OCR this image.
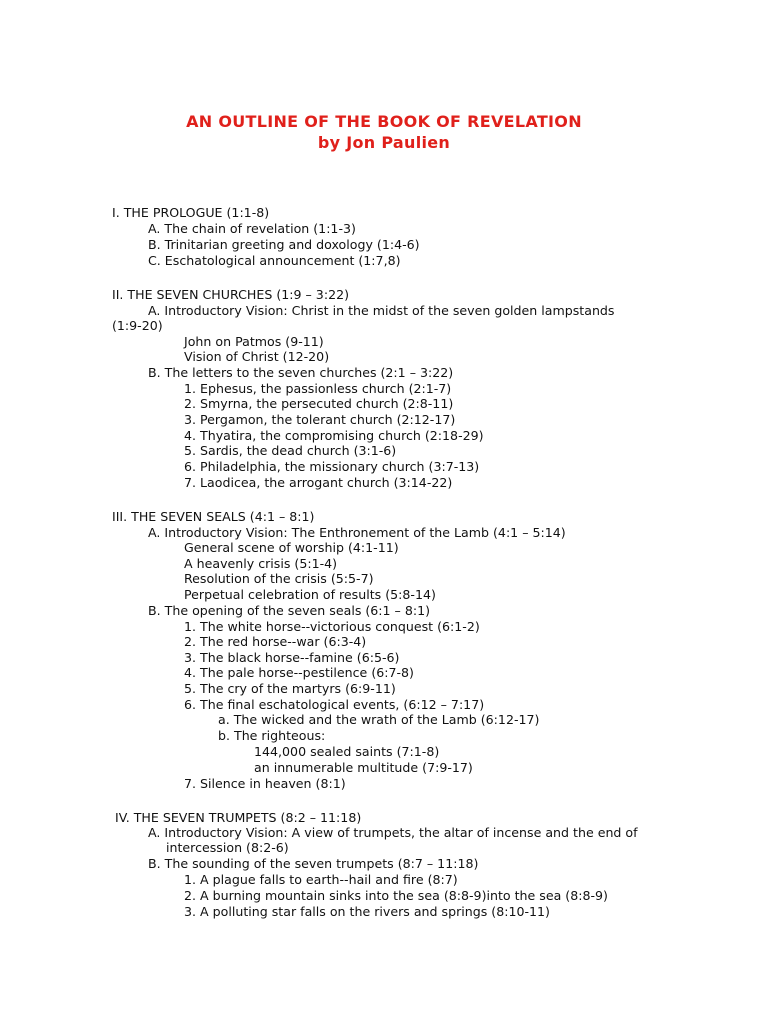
AN OUTLINE OF THE BOOK OF REVELATION
by Jon Paulien
I. THE PROLOGUE (1:1-8)
A. The chain of revelation (1:1-3)
B. Trinitarian greeting and doxology (1:4-6)
C. Eschatological announcement (1:7,8)
II. THE SEVEN CHURCHES (1:9 – 3:22)
A. Introductory Vision: Christ in the midst of the seven golden lampstands
(1:9-20)
John on Patmos (9-11)
Vision of Christ (12-20)
B. The letters to the seven churches (2:1 – 3:22)
1. Ephesus, the passionless church (2:1-7)
2. Smyrna, the persecuted church (2:8-11)
3. Pergamon, the tolerant church (2:12-17)
4. Thyatira, the compromising church (2:18-29)
5. Sardis, the dead church (3:1-6)
6. Philadelphia, the missionary church (3:7-13)
7. Laodicea, the arrogant church (3:14-22)
III. THE SEVEN SEALS (4:1 – 8:1)
A. Introductory Vision: The Enthronement of the Lamb (4:1 – 5:14)
General scene of worship (4:1-11)
A heavenly crisis (5:1-4)
Resolution of the crisis (5:5-7)
Perpetual celebration of results (5:8-14)
B. The opening of the seven seals (6:1 – 8:1)
1. The white horse--victorious conquest (6:1-2)
2. The red horse--war (6:3-4)
3. The black horse--famine (6:5-6)
4. The pale horse--pestilence (6:7-8)
5. The cry of the martyrs (6:9-11)
6. The final eschatological events, (6:12 – 7:17)
a. The wicked and the wrath of the Lamb (6:12-17)
b. The righteous:
144,000 sealed saints (7:1-8)
an innumerable multitude (7:9-17)
7. Silence in heaven (8:1)
IV. THE SEVEN TRUMPETS (8:2 – 11:18)
A. Introductory Vision: A view of trumpets, the altar of incense and the end of
intercession (8:2-6)
B. The sounding of the seven trumpets (8:7 – 11:18)
1. A plague falls to earth--hail and fire (8:7)
2. A burning mountain sinks into the sea (8:8-9)into the sea (8:8-9)
3. A polluting star falls on the rivers and springs (8:10-11)
